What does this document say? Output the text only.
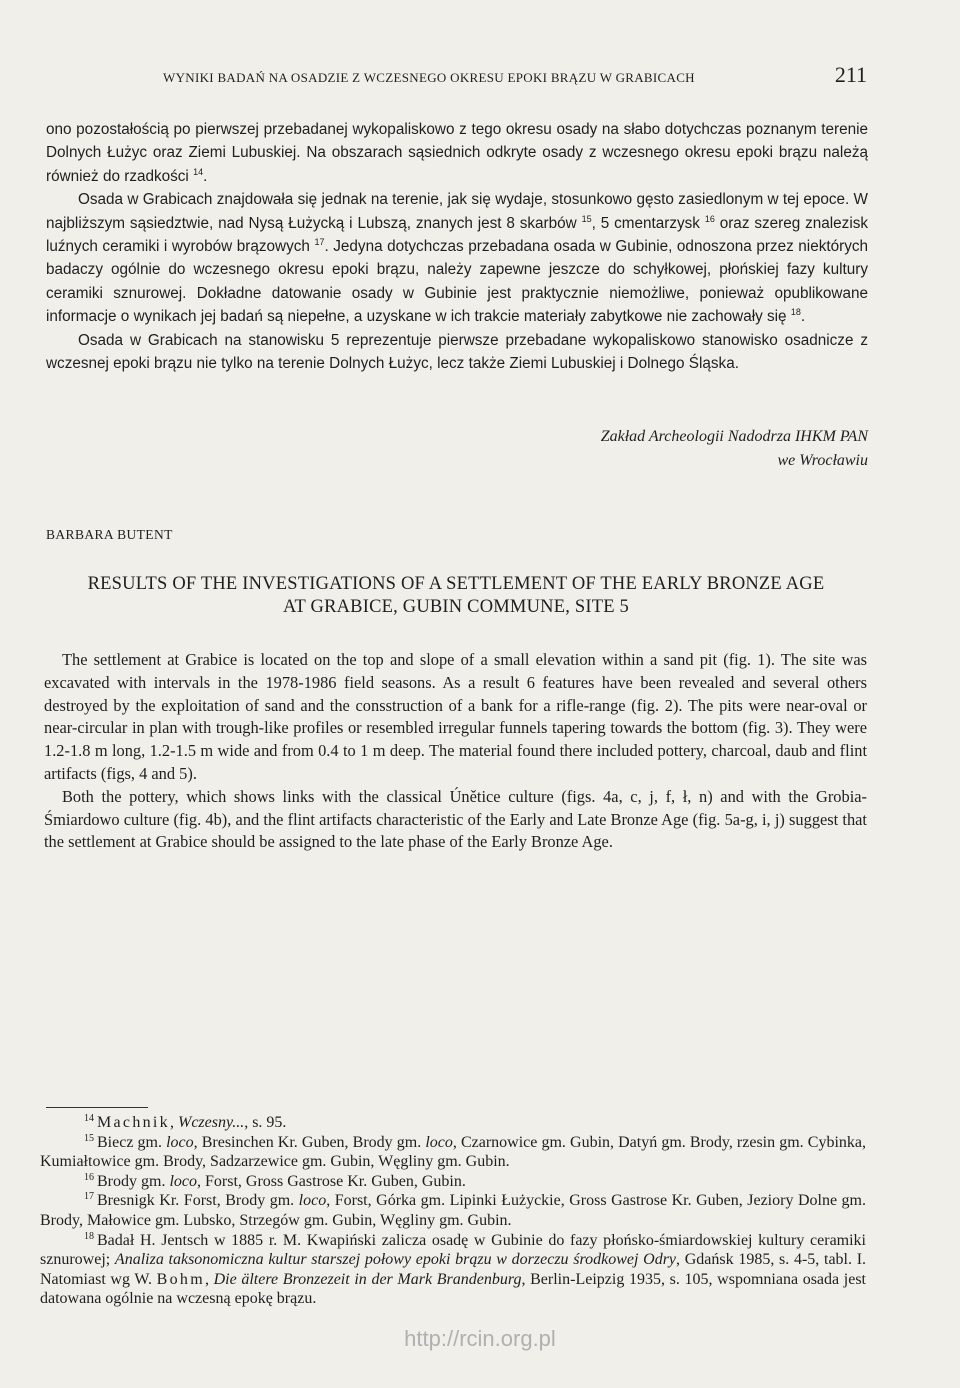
WYNIKI BADAŃ NA OSADZIE Z WCZESNEGO OKRESU EPOKI BRĄZU W GRABICACH	211

ono pozostałością po pierwszej przebadanej wykopaliskowo z tego okresu osady na słabo dotychczas poznanym terenie Dolnych Łużyc oraz Ziemi Lubuskiej. Na obszarach sąsiednich odkryte osady z wczesnego okresu epoki brązu należą również do rzadkości $^{14}$.

Osada w Grabicach znajdowała się jednak na terenie, jak się wydaje, stosunkowo gęsto zasiedlonym w tej epoce. W najbliższym sąsiedztwie, nad Nysą Łużycką i Lubszą, znanych jest 8 skarbów $^{15}$, 5 cmentarzysk $^{16}$ oraz szereg znalezisk luźnych ceramiki i wyrobów brązowych $^{17}$. Jedyna dotychczas przebadana osada w Gubinie, odnoszona przez niektórych badaczy ogólnie do wczesnego okresu epoki brązu, należy zapewne jeszcze do schyłkowej, płońskiej fazy kultury ceramiki sznurowej. Dokładne datowanie osady w Gubinie jest praktycznie niemożliwe, ponieważ opublikowane informacje o wynikach jej badań są niepełne, a uzyskane w ich trakcie materiały zabytkowe nie zachowały się $^{18}$.

Osada w Grabicach na stanowisku 5 reprezentuje pierwsze przebadane wykopaliskowo stanowisko osadnicze z wczesnej epoki brązu nie tylko na terenie Dolnych Łużyc, lecz także Ziemi Lubuskiej i Dolnego Śląska.

Zakład Archeologii Nadodrza IHKM PAN
we Wrocławiu
BARBARA BUTENT
RESULTS OF THE INVESTIGATIONS OF A SETTLEMENT OF THE EARLY BRONZE AGE
AT GRABICE, GUBIN COMMUNE, SITE 5

The settlement at Grabice is located on the top and slope of a small elevation within a sand pit (fig. 1). The site was excavated with intervals in the 1978-1986 field seasons. As a result 6 features have been revealed and several others destroyed by the exploitation of sand and the consstruction of a bank for a rifle-range (fig. 2). The pits were near-oval or near-circular in plan with trough-like profiles or resembled irregular funnels tapering towards the bottom (fig. 3). They were 1.2-1.8 m long, 1.2-1.5 m wide and from 0.4 to 1 m deep. The material found there included pottery, charcoal, daub and flint artifacts (figs, 4 and 5).

Both the pottery, which shows links with the classical Únětice culture (figs. 4a, c, j, f, ł, n) and with the Grobia-Śmiardowo culture (fig. 4b), and the flint artifacts characteristic of the Early and Late Bronze Age (fig. 5a-g, i, j) suggest that the settlement at Grabice should be assigned to the late phase of the Early Bronze Age.

$^{14}$ Machnik, Wczesny..., s. 95.

$^{15}$ Biecz gm. loco, Bresinchen Kr. Guben, Brody gm. loco, Czarnowice gm. Gubin, Datyń gm. Brody, rzesin gm. Cybinka, Kumiałtowice gm. Brody, Sadzarzewice gm. Gubin, Węgliny gm. Gubin.

$^{16}$ Brody gm. loco, Forst, Gross Gastrose Kr. Guben, Gubin.

$^{17}$ Bresnigk Kr. Forst, Brody gm. loco, Forst, Górka gm. Lipinki Łużyckie, Gross Gastrose Kr. Guben, Jeziory Dolne gm. Brody, Małowice gm. Lubsko, Strzegów gm. Gubin, Węgliny gm. Gubin.

$^{18}$ Badał H. Jentsch w 1885 r. M. Kwapiński zalicza osadę w Gubinie do fazy płońsko-śmiardowskiej kultury ceramiki sznurowej; Analiza taksonomiczna kultur starszej połowy epoki brązu w dorzeczu środkowej Odry, Gdańsk 1985, s. 4-5, tabl. I. Natomiast wg W. Bohm, Die ältere Bronzezeit in der Mark Brandenburg, Berlin-Leipzig 1935, s. 105, wspomniana osada jest datowana ogólnie na wczesną epokę brązu.

http://rcin.org.pl
